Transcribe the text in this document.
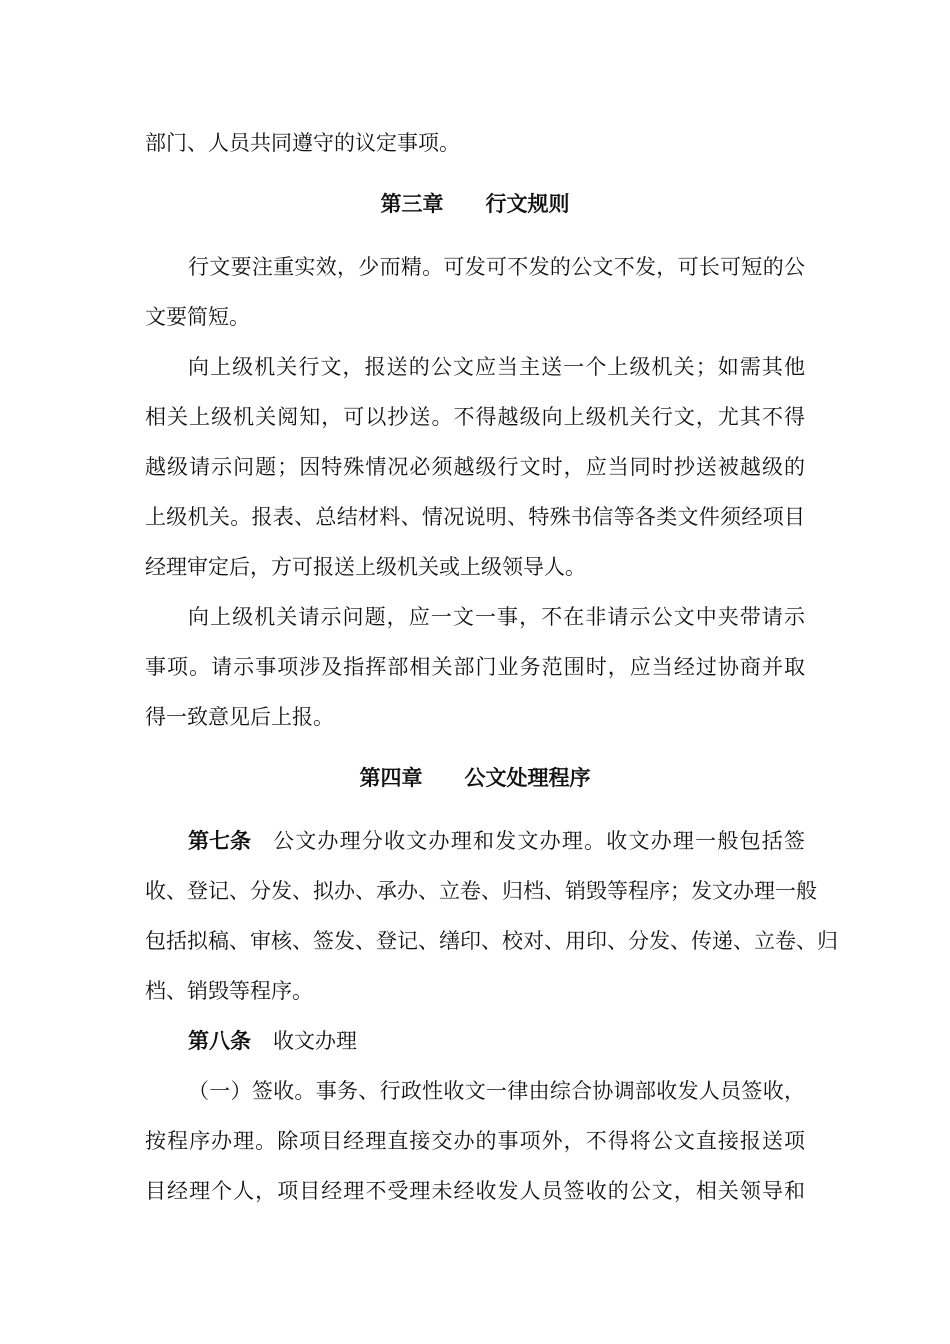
部门、人员共同遵守的议定事项。
第三章 行文规则
行文要注重实效，少而精。可发可不发的公文不发，可长可短的公
文要简短。
向上级机关行文，报送的公文应当主送一个上级机关；如需其他
相关上级机关阅知，可以抄送。不得越级向上级机关行文，尤其不得
越级请示问题；因特殊情况必须越级行文时，应当同时抄送被越级的
上级机关。报表、总结材料、情况说明、特殊书信等各类文件须经项目
经理审定后，方可报送上级机关或上级领导人。
向上级机关请示问题，应一文一事，不在非请示公文中夹带请示
事项。请示事项涉及指挥部相关部门业务范围时，应当经过协商并取
得一致意见后上报。
第四章 公文处理程序
第七条 公文办理分收文办理和发文办理。收文办理一般包括签
收、登记、分发、拟办、承办、立卷、归档、销毁等程序；发文办理一般
包括拟稿、审核、签发、登记、缮印、校对、用印、分发、传递、立卷、归
档、销毁等程序。
第八条 收文办理
（一）签收。事务、行政性收文一律由综合协调部收发人员签收，
按程序办理。除项目经理直接交办的事项外，不得将公文直接报送项
目经理个人，项目经理不受理未经收发人员签收的公文，相关领导和
